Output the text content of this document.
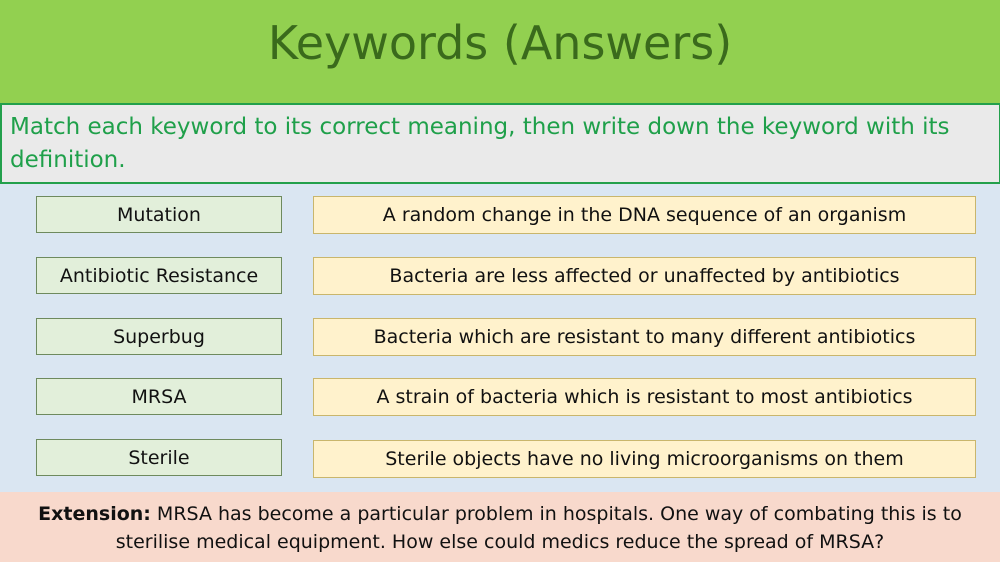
Keywords (Answers)
Match each keyword to its correct meaning, then write down the keyword with its definition.
Mutation	A random change in the DNA sequence of an organism
Antibiotic Resistance	Bacteria are less affected or unaffected by antibiotics
Superbug	Bacteria which are resistant to many different antibiotics
MRSA	A strain of bacteria which is resistant to most antibiotics
Sterile	Sterile objects have no living microorganisms on them
Extension: MRSA has become a particular problem in hospitals. One way of combating this is to sterilise medical equipment. How else could medics reduce the spread of MRSA?
